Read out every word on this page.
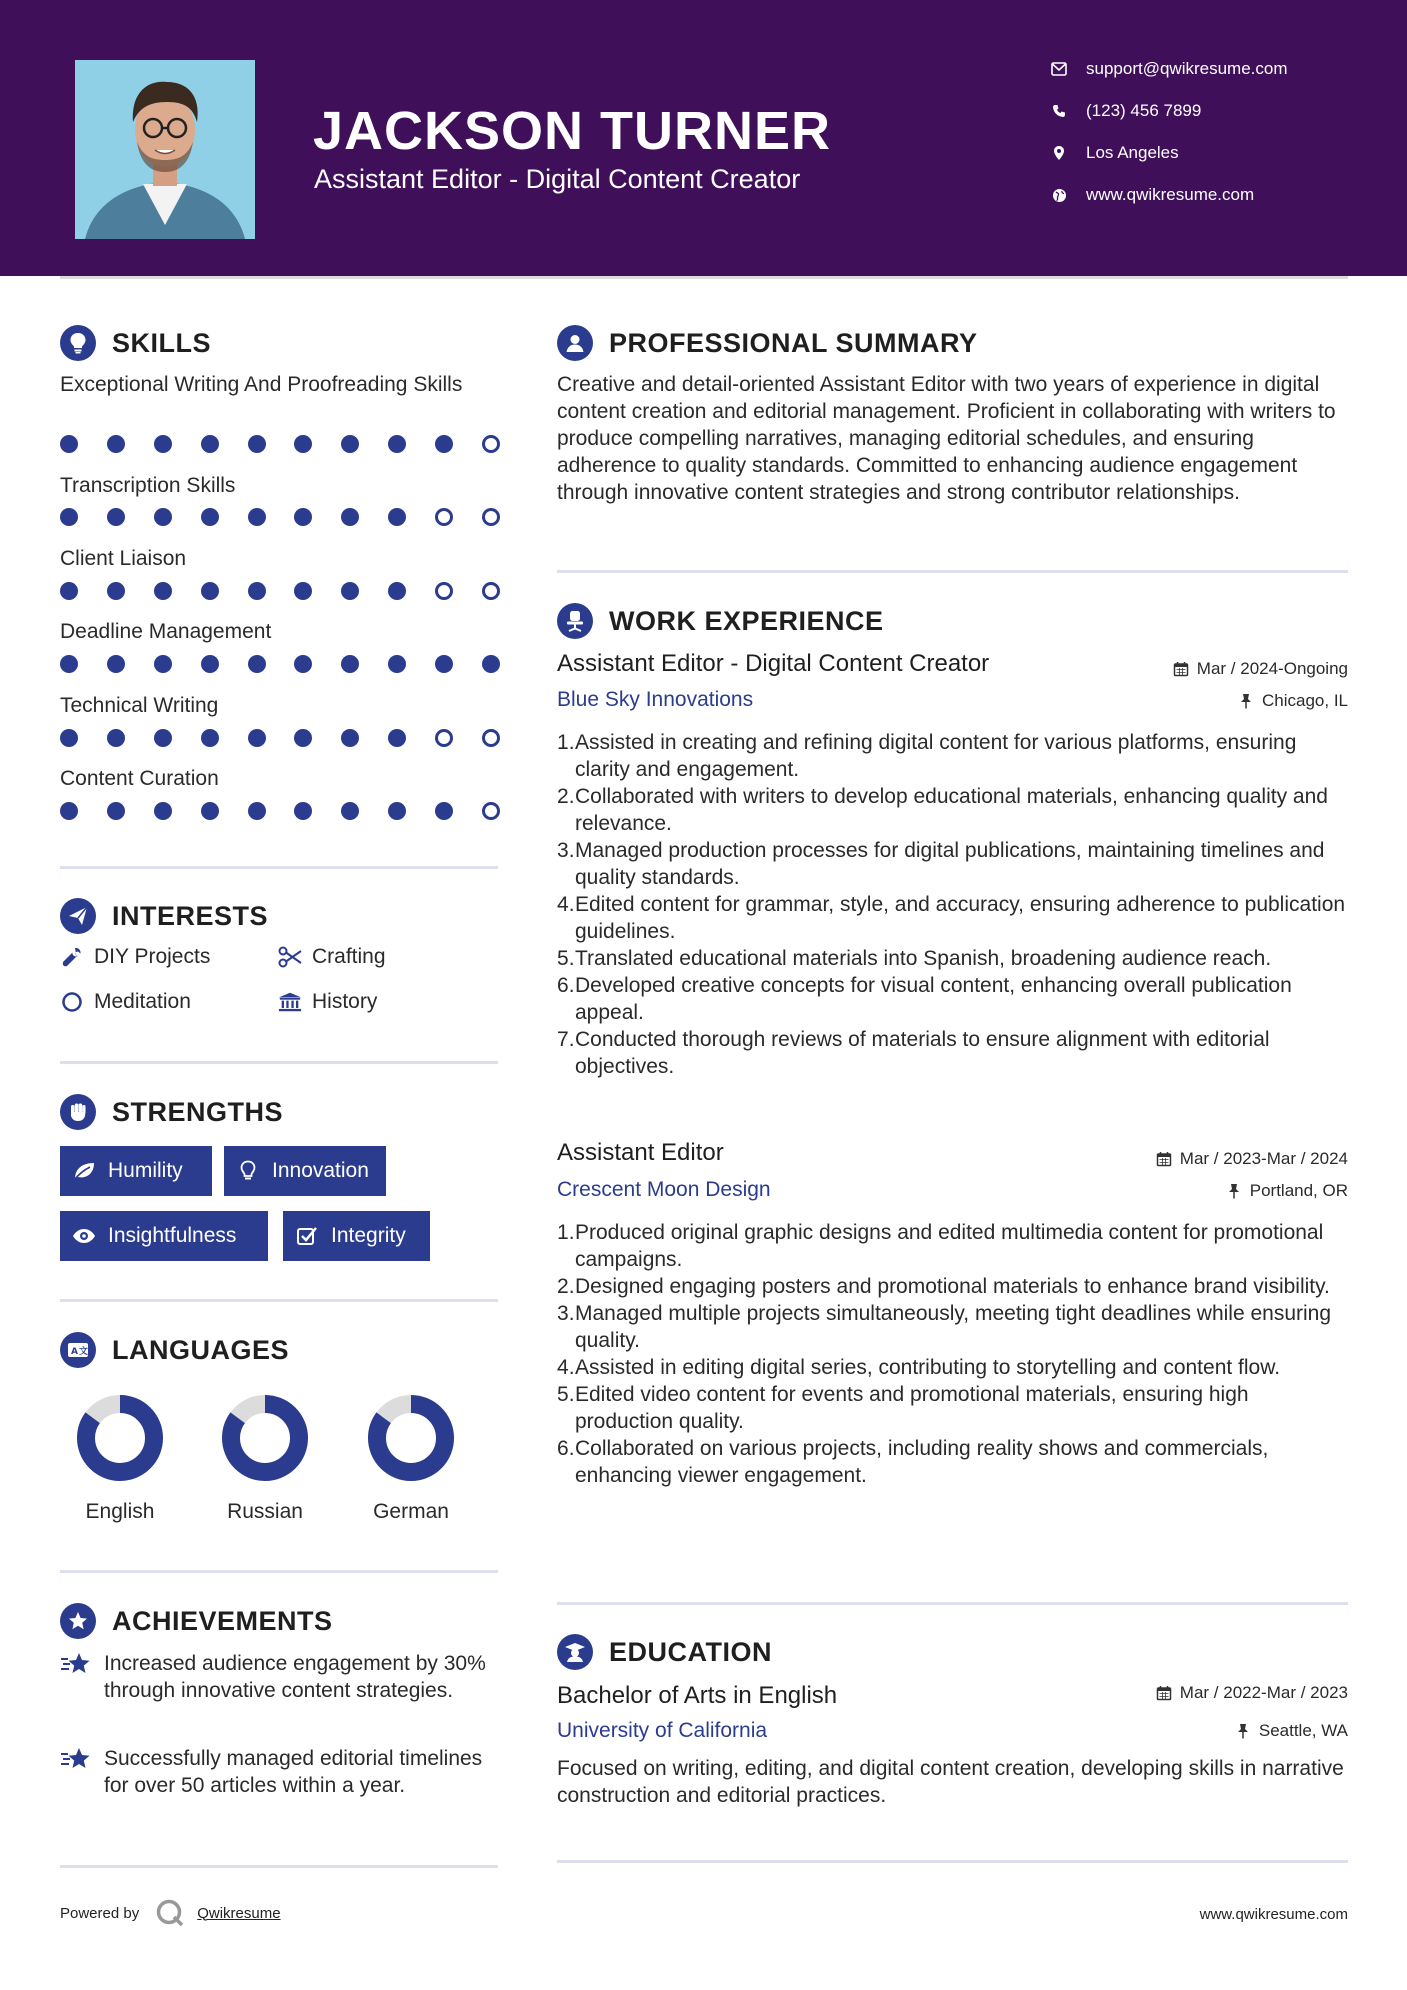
JACKSON TURNER
Assistant Editor - Digital Content Creator
support@qwikresume.com
(123) 456 7899
Los Angeles
www.qwikresume.com
SKILLS
Exceptional Writing And Proofreading Skills
Transcription Skills
Client Liaison
Deadline Management
Technical Writing
Content Curation
INTERESTS
DIY Projects	Crafting
Meditation	History
STRENGTHS
Humility	Innovation
Insightfulness	Integrity
A 文 LANGUAGES
English	Russian	German
ACHIEVEMENTS
Increased audience engagement by 30% through innovative content strategies.
Successfully managed editorial timelines for over 50 articles within a year.
PROFESSIONAL SUMMARY
Creative and detail-oriented Assistant Editor with two years of experience in digital content creation and editorial management. Proficient in collaborating with writers to produce compelling narratives, managing editorial schedules, and ensuring adherence to quality standards. Committed to enhancing audience engagement through innovative content strategies and strong contributor relationships.
WORK EXPERIENCE
Assistant Editor - Digital Content Creator	Mar / 2024-Ongoing
Blue Sky Innovations	Chicago, IL
Assisted in creating and refining digital content for various platforms, ensuring clarity and engagement.
Collaborated with writers to develop educational materials, enhancing quality and relevance.
Managed production processes for digital publications, maintaining timelines and quality standards.
Edited content for grammar, style, and accuracy, ensuring adherence to publication guidelines.
Translated educational materials into Spanish, broadening audience reach.
Developed creative concepts for visual content, enhancing overall publication appeal.
Conducted thorough reviews of materials to ensure alignment with editorial objectives.
Assistant Editor	Mar / 2023-Mar / 2024
Crescent Moon Design	Portland, OR
Produced original graphic designs and edited multimedia content for promotional campaigns.
Designed engaging posters and promotional materials to enhance brand visibility.
Managed multiple projects simultaneously, meeting tight deadlines while ensuring quality.
Assisted in editing digital series, contributing to storytelling and content flow.
Edited video content for events and promotional materials, ensuring high production quality.
Collaborated on various projects, including reality shows and commercials, enhancing viewer engagement.
EDUCATION
Bachelor of Arts in English	Mar / 2022-Mar / 2023
University of California	Seattle, WA
Focused on writing, editing, and digital content creation, developing skills in narrative construction and editorial practices.
Powered by	Qwikresume	www.qwikresume.com
